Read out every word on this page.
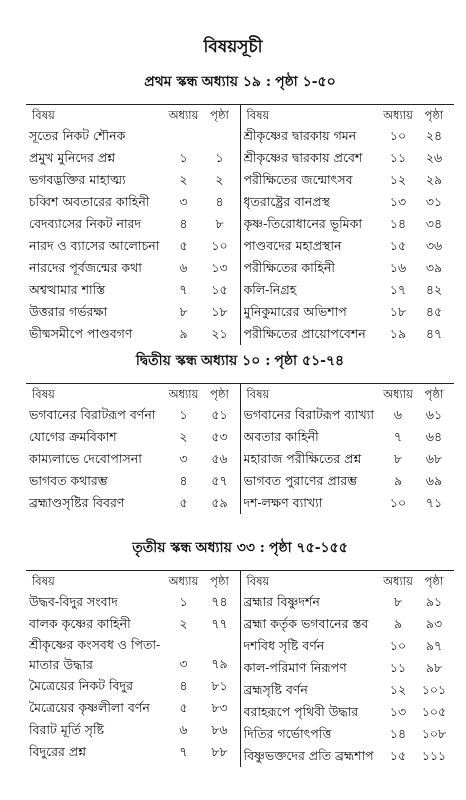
বিষয়সূচী
প্রথম স্কন্ধ অধ্যায় ১৯ : পৃষ্ঠা ১-৫০
বিষয়	অধ্যায়	পৃষ্ঠা
সূতের নিকট শৌনক
প্রমুখ মুনিদের প্রশ্ন	১	১
ভগবদ্ভক্তির মাহাত্ম্য	২	২
চব্বিশ অবতারের কাহিনী	৩	৪
বেদব্যাসের নিকট নারদ	৪	৮
নারদ ও ব্যাসের আলোচনা	৫	১০
নারদের পূর্বজন্মের কথা	৬	১৩
অশ্বত্থামার শাস্তি	৭	১৫
উত্তরার গর্ভরক্ষা	৮	১৮
ভীষ্মসমীপে পাণ্ডবগণ	৯	২১
বিষয়	অধ্যায়	পৃষ্ঠা
শ্রীকৃষ্ণের দ্বারকায় গমন	১০	২৪
শ্রীকৃষ্ণের দ্বারকায় প্রবেশ	১১	২৬
পরীক্ষিতের জন্মোৎসব	১২	২৯
ধৃতরাষ্ট্রের বানপ্রস্থ	১৩	৩১
কৃষ্ণ-তিরোধানের ভূমিকা	১৪	৩৪
পাণ্ডবদের মহাপ্রস্থান	১৫	৩৬
পরীক্ষিতের কাহিনী	১৬	৩৯
কলি-নিগ্রহ	১৭	৪২
মুনিকুমারের অভিশাপ	১৮	৪৫
পরীক্ষিতের প্রায়োপবেশন	১৯	৪৭
দ্বিতীয় স্কন্ধ অধ্যায় ১০ : পৃষ্ঠা ৫১-৭৪
বিষয়	অধ্যায়	পৃষ্ঠা
ভগবানের বিরাটরূপ বর্ণনা	১	৫১
যোগের ক্রমবিকাশ	২	৫৩
কাম্যলাভে দেবোপাসনা	৩	৫৬
ভাগবত কথারম্ভ	৪	৫৭
ব্রহ্মাণ্ডসৃষ্টির বিবরণ	৫	৫৯
বিষয়	অধ্যায়	পৃষ্ঠা
ভগবানের বিরাটরূপ ব্যাখ্যা	৬	৬১
অবতার কাহিনী	৭	৬৪
মহারাজ পরীক্ষিতের প্রশ্ন	৮	৬৮
ভাগবত পুরাণের প্রারম্ভ	৯	৬৯
দশ-লক্ষণ ব্যাখ্যা	১০	৭১
তৃতীয় স্কন্ধ অধ্যায় ৩৩ : পৃষ্ঠা ৭৫-১৫৫
বিষয়	অধ্যায়	পৃষ্ঠা
উদ্ধব-বিদুর সংবাদ	১	৭৪
বালক কৃষ্ণের কাহিনী	২	৭৭
শ্রীকৃষ্ণের কংসবধ ও পিতা-মাতার উদ্ধার	৩	৭৯
মৈত্রেয়ের নিকট বিদুর	৪	৮১
মৈত্রেয়ের কৃষ্ণলীলা বর্ণন	৫	৮৩
বিরাট মূর্তি সৃষ্টি	৬	৮৬
বিদুরের প্রশ্ন	৭	৮৮
বিষয়	অধ্যায়	পৃষ্ঠা
ব্রহ্মার বিষ্ণুদর্শন	৮	৯১
ব্রহ্মা কর্তৃক ভগবানের স্তব	৯	৯৩
দশবিধ সৃষ্টি বর্ণন	১০	৯৭
কাল-পরিমাণ নিরূপণ	১১	৯৮
ব্রহ্মসৃষ্টি বর্ণন	১২	১০১
বরাহরূপে পৃথিবী উদ্ধার	১৩	১০৫
দিতির গর্ভোৎপত্তি	১৪	১০৮
বিষ্ণুভক্তদের প্রতি ব্রহ্মশাপ	১৫	১১১
